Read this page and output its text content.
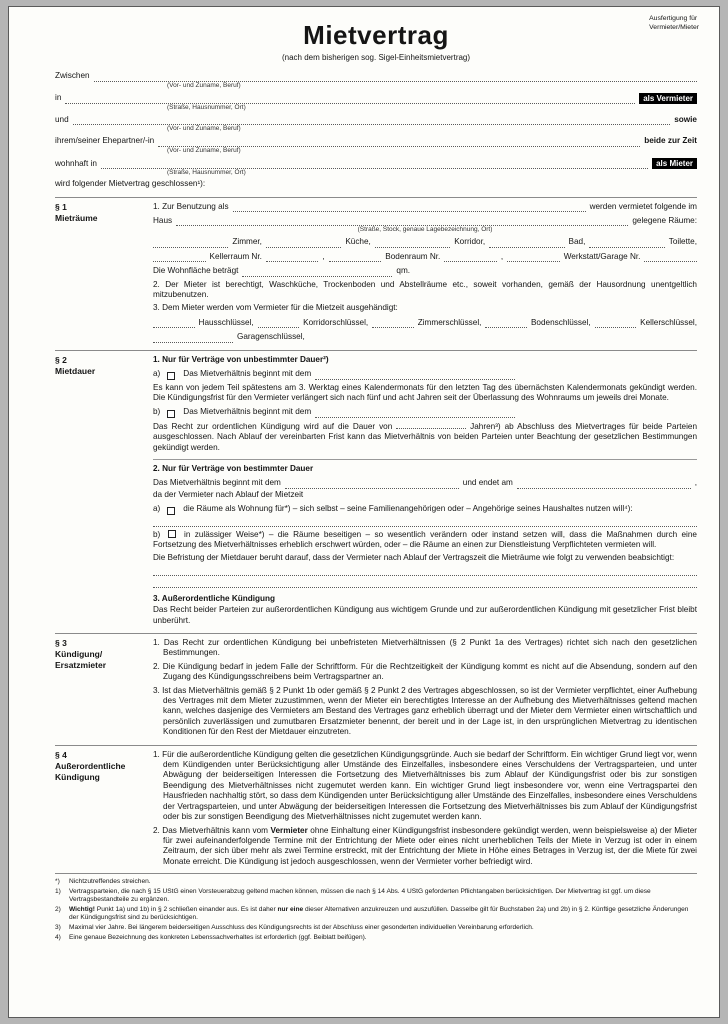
Ausfertigung für
Vermieter/Mieter
Mietvertrag
(nach dem bisherigen sog. Sigel-Einheitsmietvertrag)
Zwischen
(Vor- und Zuname, Beruf)
in	als Vermieter
(Straße, Hausnummer, Ort)
und	sowie
(Vor- und Zuname, Beruf)
ihrem/seiner Ehepartner/-in	beide zur Zeit
(Vor- und Zuname, Beruf)
wohnhaft in	als Mieter
(Straße, Hausnummer, Ort)
wird folgender Mietvertrag geschlossen¹):
§ 1
Mieträume
1. Zur Benutzung als	werden vermietet folgende im
Haus	gelegene Räume:
(Straße, Stock, genaue Lagebezeichnung, Ort)
Zimmer,	Küche,	Korridor,	Bad,	Toilette,
Kellerraum Nr.	,	Bodenraum Nr.	,	Werkstatt/Garage Nr.
Die Wohnfläche beträgt	qm.
2. Der Mieter ist berechtigt, Waschküche, Trockenboden und Abstellräume etc., soweit vorhanden, gemäß der Hausordnung unentgeltlich mitzubenutzen.
3. Dem Mieter werden vom Vermieter für die Mietzeit ausgehändigt:
Hausschlüssel,	Korridorschlüssel,	Zimmerschlüssel,	Bodenschlüssel,	Kellerschlüssel,
Garagenschlüssel,
§ 2
Mietdauer
1. Nur für Verträge von unbestimmter Dauer²)
a)	Das Mietverhältnis beginnt mit dem
Es kann von jedem Teil spätestens am 3. Werktag eines Kalendermonats für den letzten Tag des übernächsten Kalendermonats gekündigt werden. Die Kündigungsfrist für den Vermieter verlängert sich nach fünf und acht Jahren seit der Überlassung des Wohnraums um jeweils drei Monate.
b)	Das Mietverhältnis beginnt mit dem
Das Recht zur ordentlichen Kündigung wird auf die Dauer von	Jahren³) ab Abschluss des Mietvertrages für beide Parteien ausgeschlossen. Nach Ablauf der vereinbarten Frist kann das Mietverhältnis von beiden Parteien unter Beachtung der gesetzlichen Bestimmungen gekündigt werden.
2. Nur für Verträge von bestimmter Dauer
Das Mietverhältnis beginnt mit dem	und endet am	,
da der Vermieter nach Ablauf der Mietzeit
a)	die Räume als Wohnung für*) – sich selbst – seine Familienangehörigen oder – Angehörige seines Haushaltes nutzen will⁴):
b)	in zulässiger Weise*) – die Räume beseitigen – so wesentlich verändern oder instand setzen will, dass die Maßnahmen durch eine Fortsetzung des Mietverhältnisses erheblich erschwert würden, oder – die Räume an einen zur Dienstleistung Verpflichteten vermieten will.
Die Befristung der Mietdauer beruht darauf, dass der Vermieter nach Ablauf der Vertragszeit die Mieträume wie folgt zu verwenden beabsichtigt:
3. Außerordentliche Kündigung
Das Recht beider Parteien zur außerordentlichen Kündigung aus wichtigem Grunde und zur außerordentlichen Kündigung mit gesetzlicher Frist bleibt unberührt.
§ 3
Kündigung/
Ersatzmieter
1. Das Recht zur ordentlichen Kündigung bei unbefristeten Mietverhältnissen (§ 2 Punkt 1a des Vertrages) richtet sich nach den gesetzlichen Bestimmungen.
2. Die Kündigung bedarf in jedem Falle der Schriftform. Für die Rechtzeitigkeit der Kündigung kommt es nicht auf die Absendung, sondern auf den Zugang des Kündigungsschreibens beim Vertragspartner an.
3. Ist das Mietverhältnis gemäß § 2 Punkt 1b oder gemäß § 2 Punkt 2 des Vertrages abgeschlossen, so ist der Vermieter verpflichtet, einer Aufhebung des Vertrages mit dem Mieter zuzustimmen, wenn der Mieter ein berechtigtes Interesse an der Aufhebung des Mietverhältnisses geltend machen kann, welches dasjenige des Vermieters am Bestand des Vertrages ganz erheblich überragt und der Mieter dem Vermieter einen wirtschaftlich und persönlich zuverlässigen und zumutbaren Ersatzmieter benennt, der bereit und in der Lage ist, in den ursprünglichen Mietvertrag zu identischen Konditionen für den Rest der Mietdauer einzutreten.
§ 4
Außerordentliche
Kündigung
1. Für die außerordentliche Kündigung gelten die gesetzlichen Kündigungsgründe. Auch sie bedarf der Schriftform. Ein wichtiger Grund liegt vor, wenn dem Kündigenden unter Berücksichtigung aller Umstände des Einzelfalles, insbesondere eines Verschuldens der Vertragsparteien, und unter Abwägung der beiderseitigen Interessen die Fortsetzung des Mietverhältnisses bis zum Ablauf der Kündigungsfrist oder bis zur sonstigen Beendigung des Mietverhältnisses nicht zugemutet werden kann. Ein wichtiger Grund liegt insbesondere vor, wenn eine Vertragspartei den Hausfrieden nachhaltig stört, so dass dem Kündigenden unter Berücksichtigung aller Umstände des Einzelfalles, insbesondere eines Verschuldens der Vertragsparteien, und unter Abwägung der beiderseitigen Interessen die Fortsetzung des Mietverhältnisses bis zum Ablauf der Kündigungsfrist oder bis zur sonstigen Beendigung des Mietverhältnisses nicht zugemutet werden kann.
2. Das Mietverhältnis kann vom Vermieter ohne Einhaltung einer Kündigungsfrist insbesondere gekündigt werden, wenn beispielsweise a) der Mieter für zwei aufeinanderfolgende Termine mit der Entrichtung der Miete oder eines nicht unerheblichen Teils der Miete in Verzug ist oder in einem Zeitraum, der sich über mehr als zwei Termine erstreckt, mit der Entrichtung der Miete in Höhe eines Betrages in Verzug ist, der die Miete für zwei Monate erreicht. Die Kündigung ist jedoch ausgeschlossen, wenn der Vermieter vorher befriedigt wird.
*)	Nichtzutreffendes streichen.
1)	Vertragsparteien, die nach § 15 UStG einen Vorsteuerabzug geltend machen können, müssen die nach § 14 Abs. 4 UStG geforderten Pflichtangaben berücksichtigen. Der Mietvertrag ist ggf. um diese Vertragsbestandteile zu ergänzen.
2)	Wichtig! Punkt 1a) und 1b) in § 2 schließen einander aus. Es ist daher nur eine dieser Alternativen anzukreuzen und auszufüllen. Dasselbe gilt für Buchstaben 2a) und 2b) in § 2. Künftige gesetzliche Änderungen der Kündigungsfrist sind zu berücksichtigen.
3)	Maximal vier Jahre. Bei längerem beiderseitigen Ausschluss des Kündigungsrechts ist der Abschluss einer gesonderten individuellen Vereinbarung erforderlich.
4)	Eine genaue Bezeichnung des konkreten Lebenssachverhaltes ist erforderlich (ggf. Beiblatt beifügen).
